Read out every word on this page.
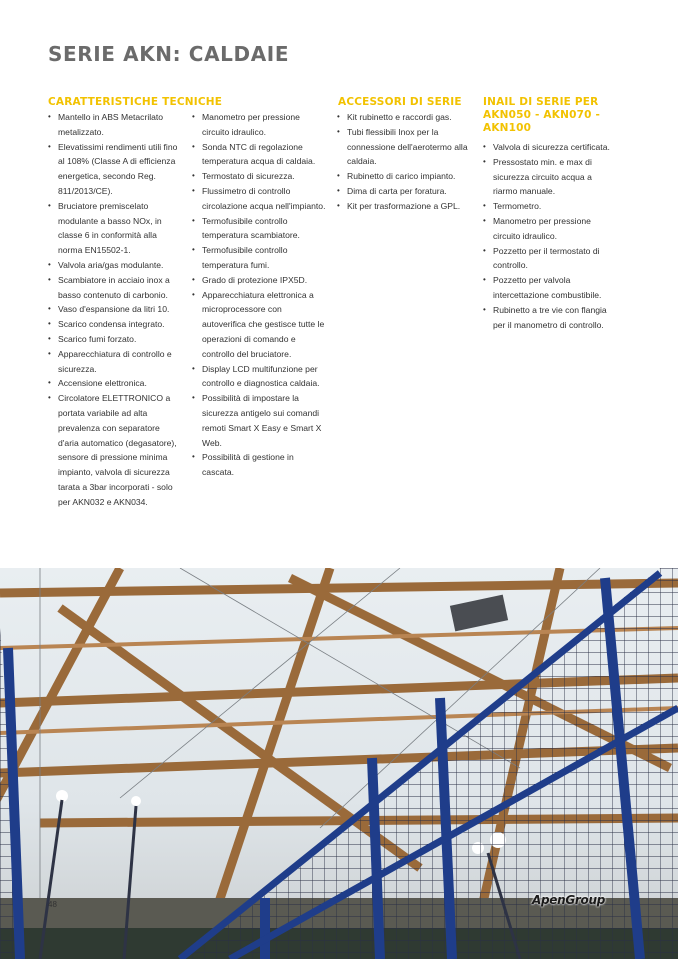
SERIE AKN: CALDAIE
CARATTERISTICHE TECNICHE
• Mantello in ABS Metacrilato metalizzato.
• Elevatissimi rendimenti utili fino al 108% (Classe A di efficienza energetica, secondo Reg. 811/2013/CE).
• Bruciatore premiscelato modulante a basso NOx, in classe 6 in conformità alla norma EN15502-1.
• Valvola aria/gas modulante.
• Scambiatore in acciaio inox a basso contenuto di carbonio.
• Vaso d'espansione da litri 10.
• Scarico condensa integrato.
• Scarico fumi forzato.
• Apparecchiatura di controllo e sicurezza.
• Accensione elettronica.
• Circolatore ELETTRONICO a portata variabile ad alta prevalenza con separatore d'aria automatico (degasatore), sensore di pressione minima impianto, valvola di sicurezza tarata a 3bar incorporati - solo per AKN032 e AKN034.
• Manometro per pressione circuito idraulico.
• Sonda NTC di regolazione temperatura acqua di caldaia.
• Termostato di sicurezza.
• Flussimetro di controllo circolazione acqua nell'impianto.
• Termofusibile controllo temperatura scambiatore.
• Termofusibile controllo temperatura fumi.
• Grado di protezione IPX5D.
• Apparecchiatura elettronica a microprocessore con autoverifica che gestisce tutte le operazioni di comando e controllo del bruciatore.
• Display LCD multifunzione per controllo e diagnostica caldaia.
• Possibilità di impostare la sicurezza antigelo sui comandi remoti Smart X Easy e Smart X Web.
• Possibilità di gestione in cascata.
ACCESSORI DI SERIE
• Kit rubinetto e raccordi gas.
• Tubi flessibili Inox per la connessione dell'aerotermo alla caldaia.
• Rubinetto di carico impianto.
• Dima di carta per foratura.
• Kit per trasformazione a GPL.
INAIL DI SERIE PER AKN050 - AKN070 - AKN100
• Valvola di sicurezza certificata.
• Pressostato min. e max di sicurezza circuito acqua a riarmo manuale.
• Termometro.
• Manometro per pressione circuito idraulico.
• Pozzetto per il termostato di controllo.
• Pozzetto per valvola intercettazione combustibile.
• Rubinetto a tre vie con flangia per il manometro di controllo.
48	ApenGroup
